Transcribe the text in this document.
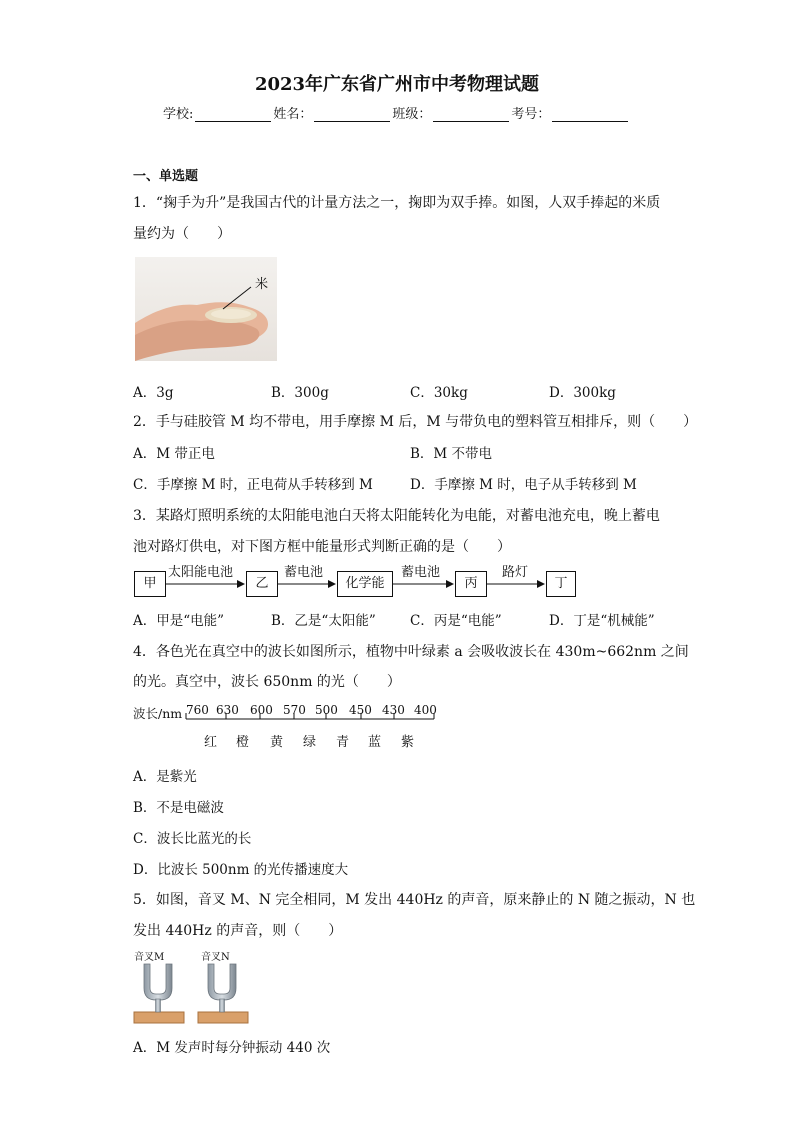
2023年广东省广州市中考物理试题
学校:	姓名：	班级：	考号：
一、单选题
1．“掬手为升”是我国古代的计量方法之一，掬即为双手捧。如图，人双手捧起的米质
量约为（　　）
米
A．3g	B．300g	C．30kg	D．300kg
2．手与硅胶管 M 均不带电，用手摩擦 M 后，M 与带负电的塑料管互相排斥，则（　　）
A．M 带正电	B．M 不带电
C．手摩擦 M 时，正电荷从手转移到 M	D．手摩擦 M 时，电子从手转移到 M
3．某路灯照明系统的太阳能电池白天将太阳能转化为电能，对蓄电池充电，晚上蓄电
池对路灯供电，对下图方框中能量形式判断正确的是（　　）
甲	乙	化学能	丙	丁
太阳能电池	蓄电池	蓄电池	路灯
A．甲是“电能”	B．乙是“太阳能”	C．丙是“电能”	D．丁是“机械能”
4．各色光在真空中的波长如图所示，植物中叶绿素 a 会吸收波长在 430m~662nm 之间
的光。真空中，波长 650nm 的光（　　）
波长/nm 760 630 600 570 500 450 430 400
红 橙 黄 绿 青 蓝 紫
A．是紫光
B．不是电磁波
C．波长比蓝光的长
D．比波长 500nm 的光传播速度大
5．如图，音叉 M、N 完全相同，M 发出 440Hz 的声音，原来静止的 N 随之振动，N 也
发出 440Hz 的声音，则（　　）
音叉M	音叉N
A．M 发声时每分钟振动 440 次
